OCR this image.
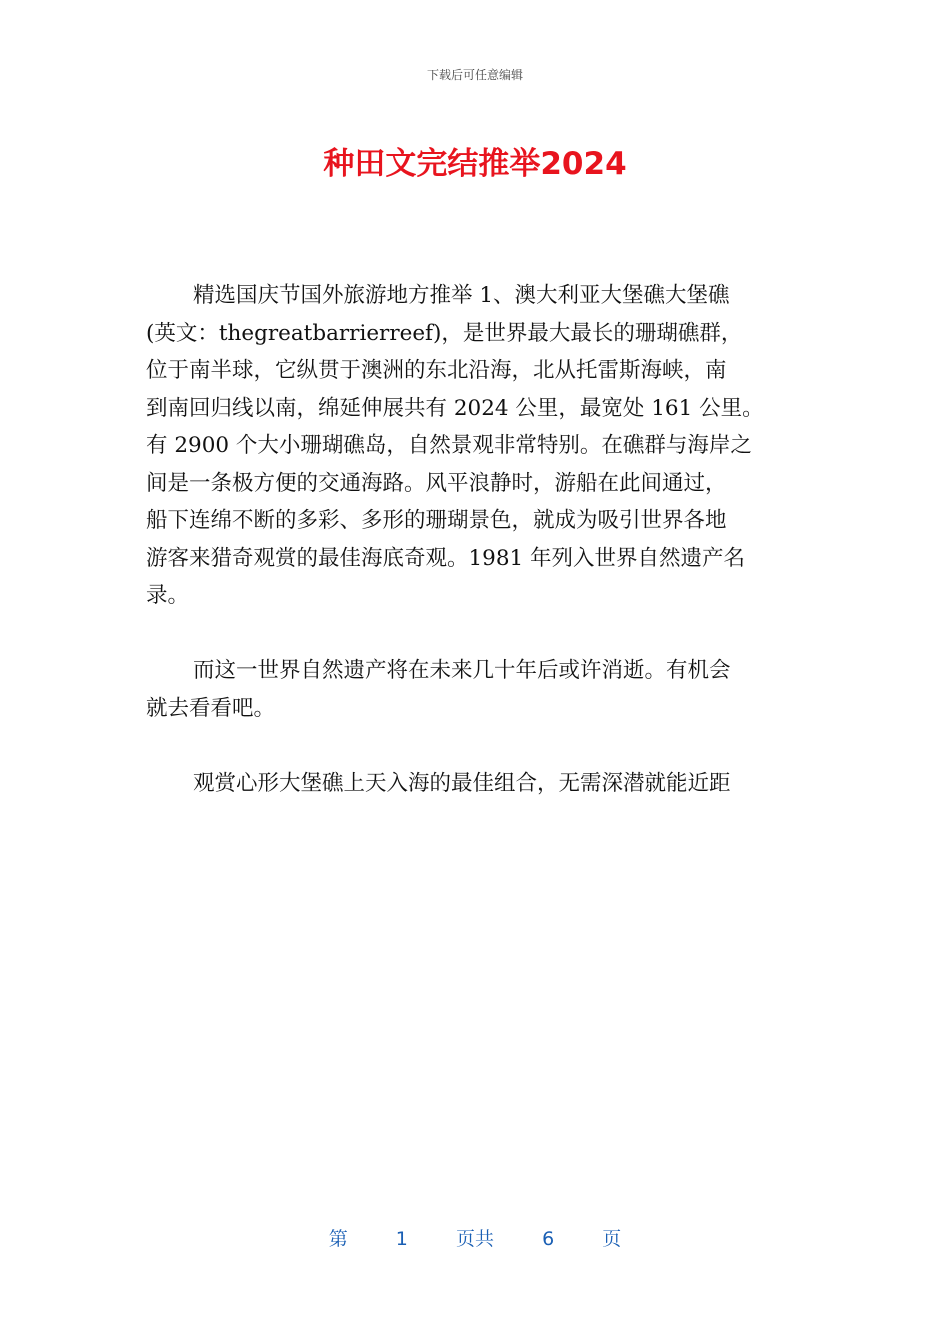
下载后可任意编辑
种田文完结推举2024
精选国庆节国外旅游地方推举 1、澳大利亚大堡礁大堡礁
(英文：thegreatbarrierreef)，是世界最大最长的珊瑚礁群，
位于南半球，它纵贯于澳洲的东北沿海，北从托雷斯海峡，南
到南回归线以南，绵延伸展共有 2024 公里，最宽处 161 公里。
有 2900 个大小珊瑚礁岛，自然景观非常特别。在礁群与海岸之
间是一条极方便的交通海路。风平浪静时，游船在此间通过，
船下连绵不断的多彩、多形的珊瑚景色，就成为吸引世界各地
游客来猎奇观赏的最佳海底奇观。1981 年列入世界自然遗产名
录。
而这一世界自然遗产将在未来几十年后或许消逝。有机会
就去看看吧。
观赏心形大堡礁上天入海的最佳组合，无需深潜就能近距
第	1	页共	6	页
